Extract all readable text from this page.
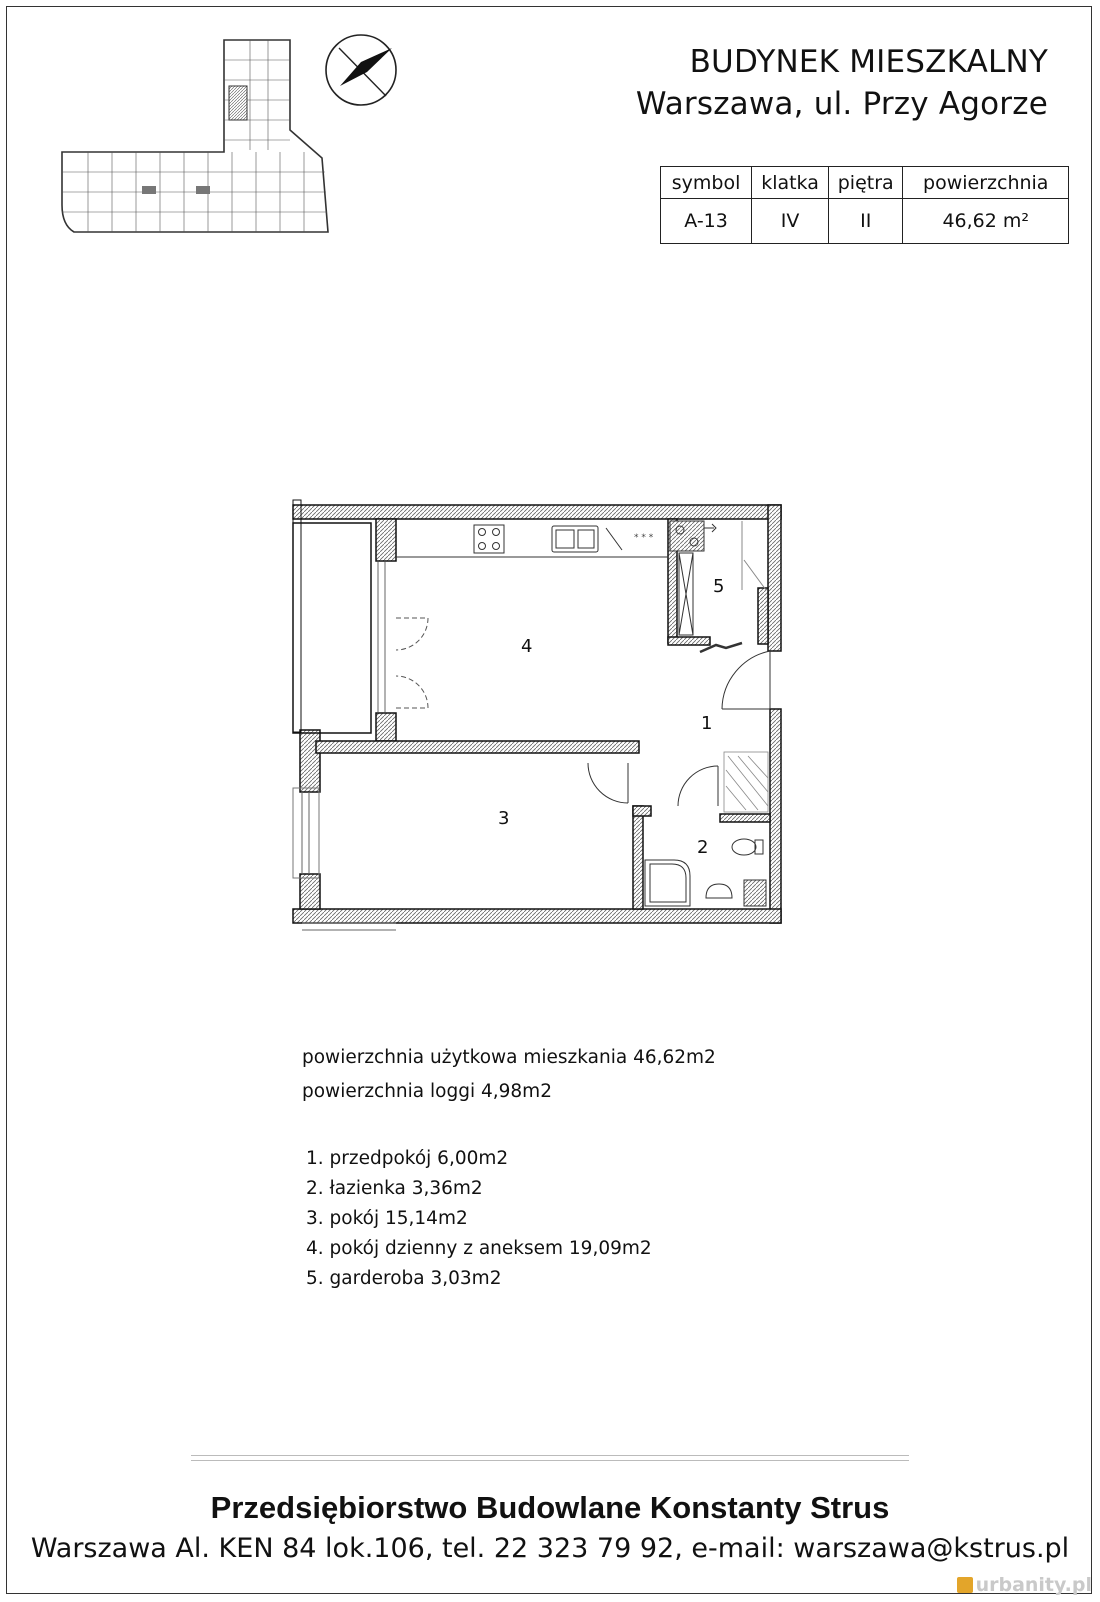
BUDYNEK MIESZKALNY
Warszawa, ul. Przy Agorze
symbol	klatka	piętra	powierzchnia
A-13	IV	II	46,62 m²
* * *
1
2
3
4
5
powierzchnia użytkowa mieszkania 46,62m2
powierzchnia loggi 4,98m2
1. przedpokój 6,00m2
2. łazienka 3,36m2
3. pokój 15,14m2
4. pokój dzienny z aneksem 19,09m2
5. garderoba 3,03m2
Przedsiębiorstwo Budowlane Konstanty Strus
Warszawa Al. KEN 84 lok.106, tel. 22 323 79 92, e-mail: warszawa@kstrus.pl
urbanity.pl
